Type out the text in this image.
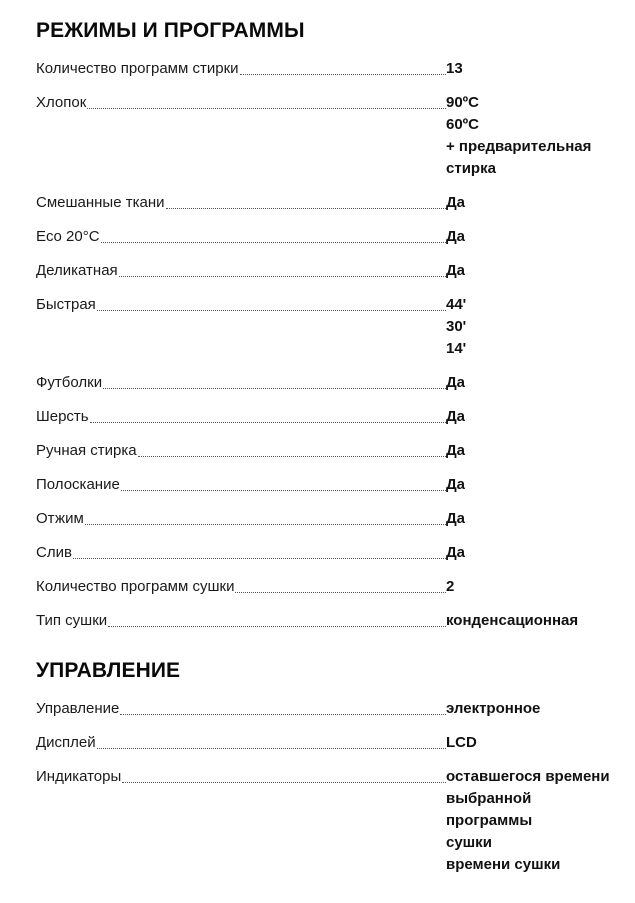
РЕЖИМЫ И ПРОГРАММЫ
Количество программ стирки	13
Хлопок	90ºC
60ºC
+ предварительная
стирка
Смешанные ткани	Да
Eco 20°C	Да
Деликатная	Да
Быстрая	44'
30'
14'
Футболки	Да
Шерсть	Да
Ручная стирка	Да
Полоскание	Да
Отжим	Да
Слив	Да
Количество программ сушки	2
Тип сушки	конденсационная
УПРАВЛЕНИЕ
Управление	электронное
Дисплей	LCD
Индикаторы	оставшегося времени
выбранной
программы
сушки
времени сушки
